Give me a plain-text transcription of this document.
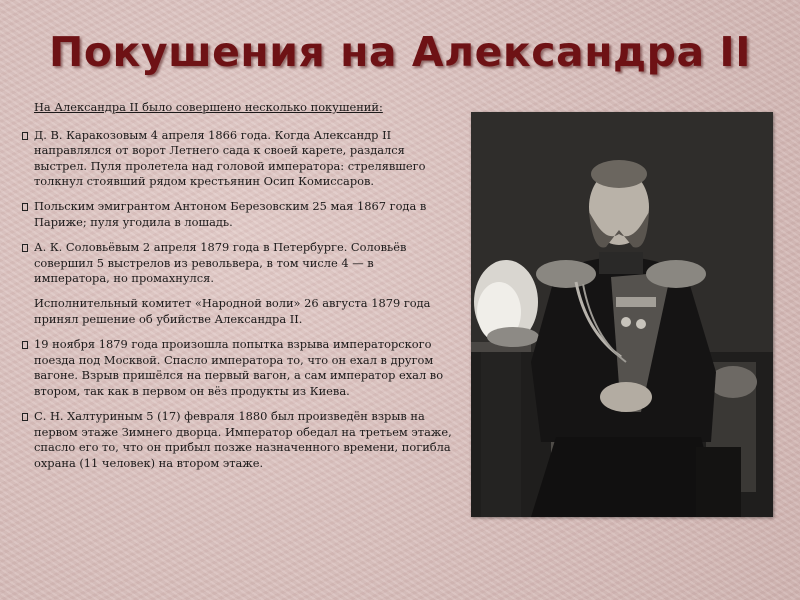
Покушения на Александра II

На Александра II было совершено несколько покушений:

Д. В. Каракозовым 4 апреля 1866 года. Когда Александр II направлялся от ворот Летнего сада к своей карете, раздался выстрел. Пуля пролетела над головой императора: стрелявшего толкнул стоявший рядом крестьянин Осип Комиссаров.
Польским эмигрантом Антоном Березовским 25 мая 1867 года в Париже; пуля угодила в лошадь.
А. К. Соловьёвым 2 апреля 1879 года в Петербурге. Соловьёв совершил 5 выстрелов из револьвера, в том числе 4 — в императора, но промахнулся.
Исполнительный комитет «Народной воли» 26 августа 1879 года принял решение об убийстве Александра II.
19 ноября 1879 года произошла попытка взрыва императорского поезда под Москвой. Спасло императора то, что он ехал в другом вагоне. Взрыв пришёлся на первый вагон, а сам император ехал во втором, так как в первом он вёз продукты из Киева.
С. Н. Халтуриным 5 (17) февраля 1880 был произведён взрыв на первом этаже Зимнего дворца. Император обедал на третьем этаже, спасло его то, что он прибыл позже назначенного времени, погибла охрана (11 человек) на втором этаже.
